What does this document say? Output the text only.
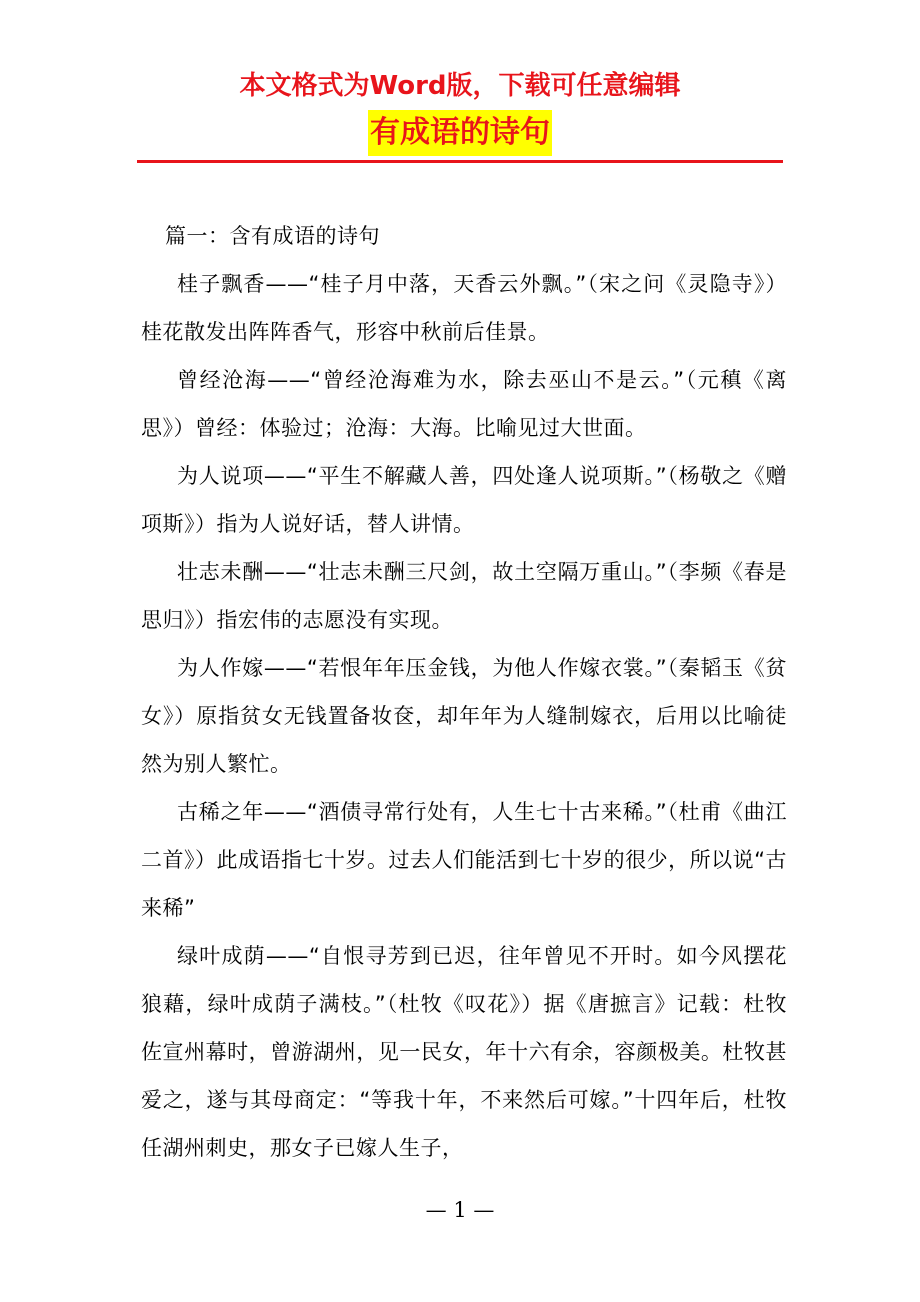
本文格式为Word版，下载可任意编辑
有成语的诗句

篇一：含有成语的诗句

桂子飘香——“桂子月中落，天香云外飘。”（宋之问《灵隐寺》）桂花散发出阵阵香气，形容中秋前后佳景。

曾经沧海——“曾经沧海难为水，除去巫山不是云。”（元稹《离思》）曾经：体验过；沧海：大海。比喻见过大世面。

为人说项——“平生不解藏人善，四处逢人说项斯。”（杨敬之《赠项斯》）指为人说好话，替人讲情。

壮志未酬——“壮志未酬三尺剑，故土空隔万重山。”（李频《春是思归》）指宏伟的志愿没有实现。

为人作嫁——“若恨年年压金钱，为他人作嫁衣裳。”（秦韬玉《贫女》）原指贫女无钱置备妆奁，却年年为人缝制嫁衣，后用以比喻徒然为别人繁忙。

古稀之年——“酒债寻常行处有，人生七十古来稀。”（杜甫《曲江二首》）此成语指七十岁。过去人们能活到七十岁的很少，所以说“古来稀”

绿叶成荫——“自恨寻芳到已迟，往年曾见不开时。如今风摆花狼藉，绿叶成荫子满枝。”（杜牧《叹花》）据《唐摭言》记载：杜牧佐宣州幕时，曾游湖州，见一民女，年十六有余，容颜极美。杜牧甚爱之，遂与其母商定：“等我十年，不来然后可嫁。”十四年后，杜牧任湖州刺史，那女子已嫁人生子，

— 1 —
